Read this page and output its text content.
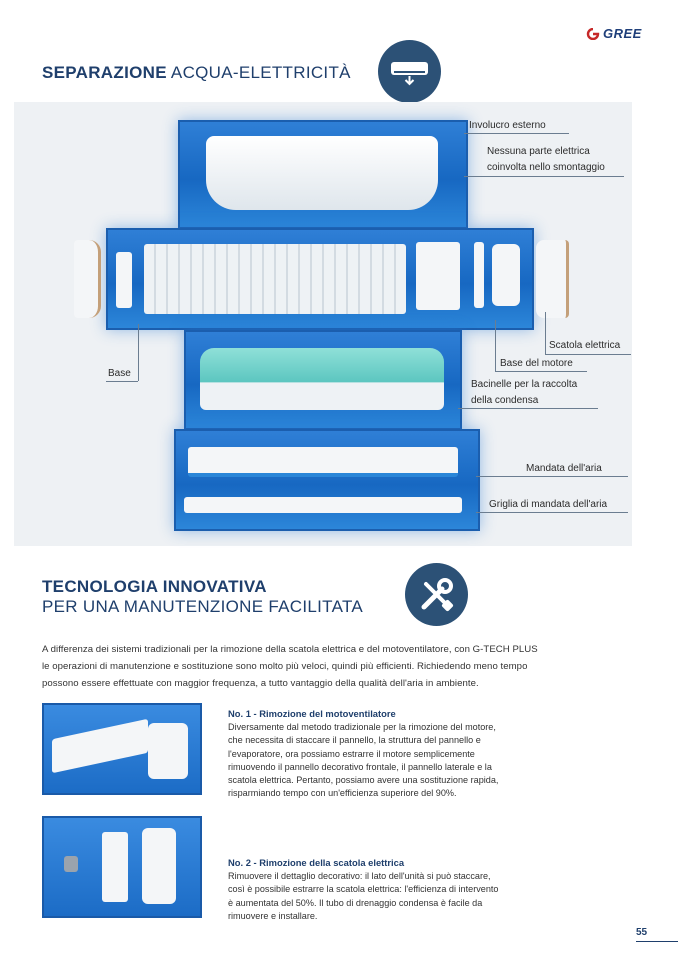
GREE
SEPARAZIONE ACQUA-ELETTRICITÀ
Involucro esterno
Nessuna parte elettrica
coinvolta nello smontaggio
Scatola elettrica
Base del motore
Base
Bacinelle per la raccolta
della condensa
Mandata dell'aria
Griglia di mandata dell'aria
TECNOLOGIA INNOVATIVA
PER UNA MANUTENZIONE FACILITATA
A differenza dei sistemi tradizionali per la rimozione della scatola elettrica e del motoventilatore, con G-TECH PLUS
le operazioni di manutenzione e sostituzione sono molto più veloci, quindi più efficienti. Richiedendo meno tempo
possono essere effettuate con maggior frequenza, a tutto vantaggio della qualità dell'aria in ambiente.
No. 1 - Rimozione del motoventilatore
Diversamente dal metodo tradizionale per la rimozione del motore,
che necessita di staccare il pannello, la struttura del pannello e
l'evaporatore, ora possiamo estrarre il motore semplicemente
rimuovendo il pannello decorativo frontale, il pannello laterale e la
scatola elettrica. Pertanto, possiamo avere una sostituzione rapida,
risparmiando tempo con un'efficienza superiore del 90%.
No. 2 - Rimozione della scatola elettrica
Rimuovere il dettaglio decorativo: il lato dell'unità si può staccare,
così è possibile estrarre la scatola elettrica: l'efficienza di intervento
è aumentata del 50%. Il tubo di drenaggio condensa è facile da
rimuovere e installare.
55
